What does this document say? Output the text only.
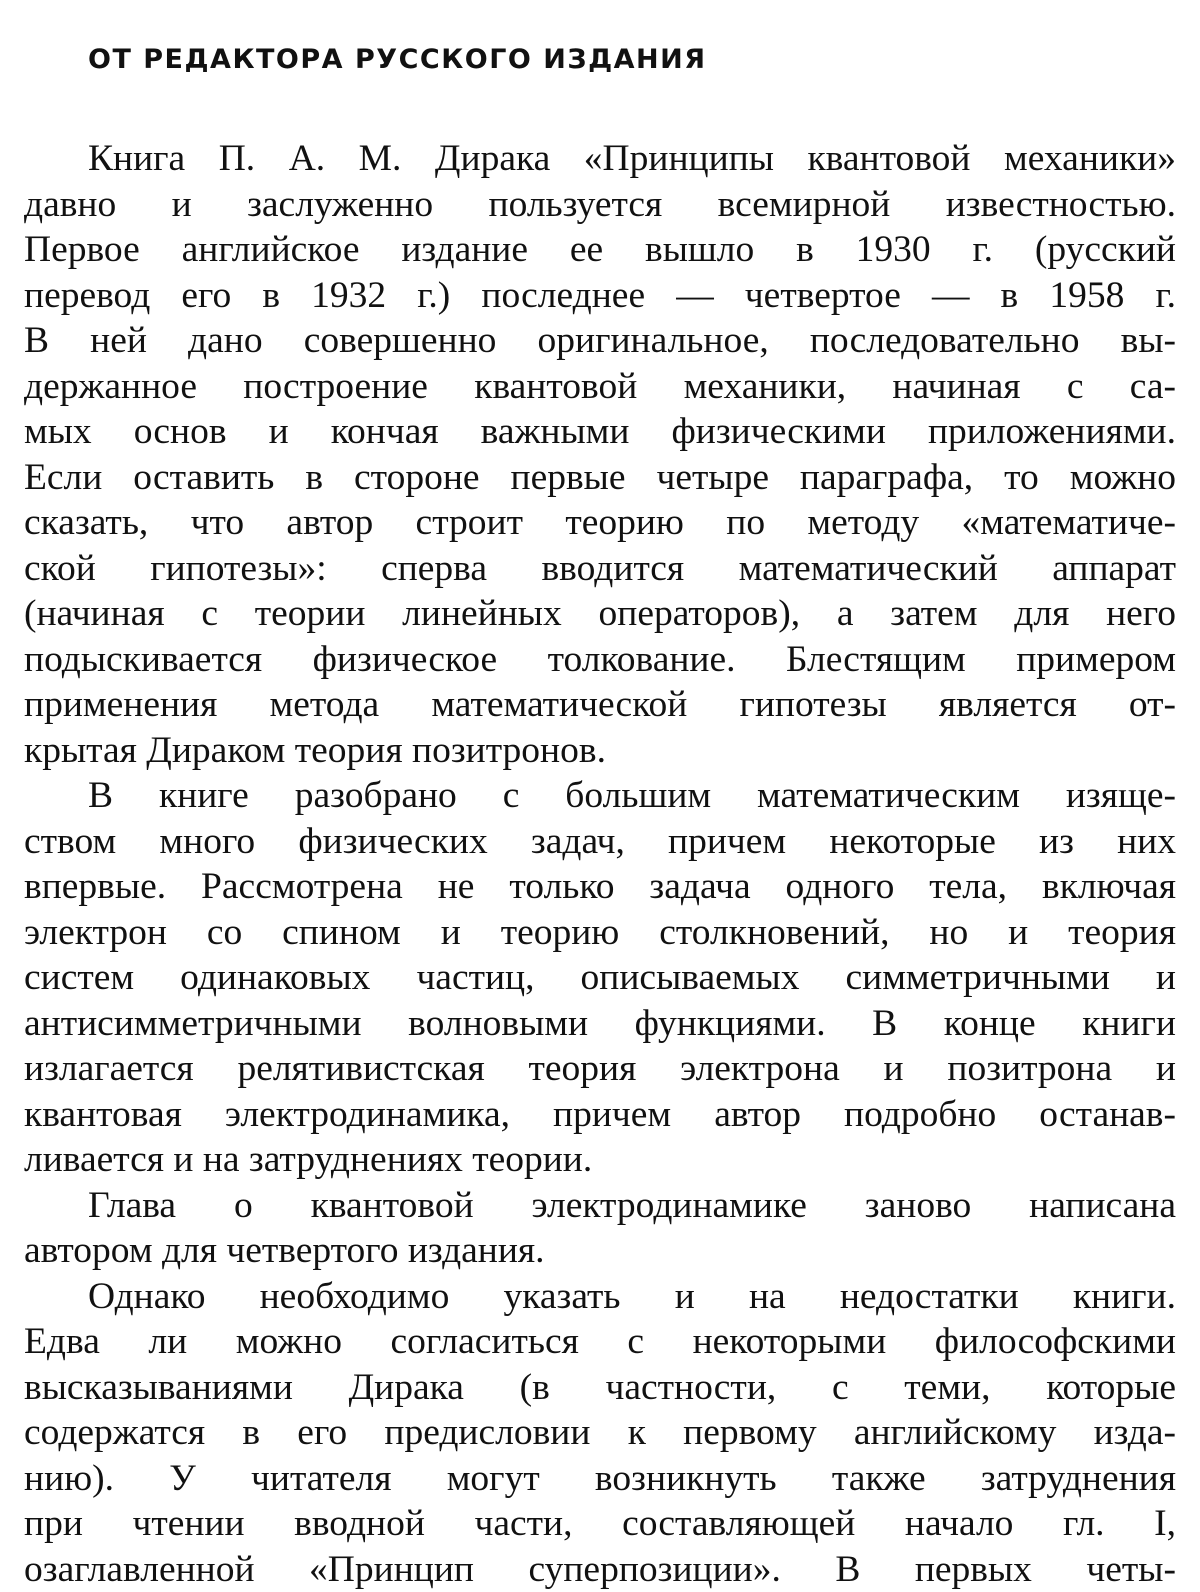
ОТ РЕДАКТОРА РУССКОГО ИЗДАНИЯ
Книга П. А. М. Дирака «Принципы квантовой механики»
давно и заслуженно пользуется всемирной известностью.
Первое английское издание ее вышло в 1930 г. (русский
перевод его в 1932 г.) последнее — четвертое — в 1958 г.
В ней дано совершенно оригинальное, последовательно вы-
держанное построение квантовой механики, начиная с са-
мых основ и кончая важными физическими приложениями.
Если оставить в стороне первые четыре параграфа, то можно
сказать, что автор строит теорию по методу «математиче-
ской гипотезы»: сперва вводится математический аппарат
(начиная с теории линейных операторов), а затем для него
подыскивается физическое толкование. Блестящим примером
применения метода математической гипотезы является от-
крытая Дираком теория позитронов.
В книге разобрано с большим математическим изяще-
ством много физических задач, причем некоторые из них
впервые. Рассмотрена не только задача одного тела, включая
электрон со спином и теорию столкновений, но и теория
систем одинаковых частиц, описываемых симметричными и
антисимметричными волновыми функциями. В конце книги
излагается релятивистская теория электрона и позитрона и
квантовая электродинамика, причем автор подробно останав-
ливается и на затруднениях теории.
Глава о квантовой электродинамике заново написана
автором для четвертого издания.
Однако необходимо указать и на недостатки книги.
Едва ли можно согласиться с некоторыми философскими
высказываниями Дирака (в частности, с теми, которые
содержатся в его предисловии к первому английскому изда-
нию). У читателя могут возникнуть также затруднения
при чтении вводной части, составляющей начало гл. I,
озаглавленной «Принцип суперпозиции». В первых четы-
